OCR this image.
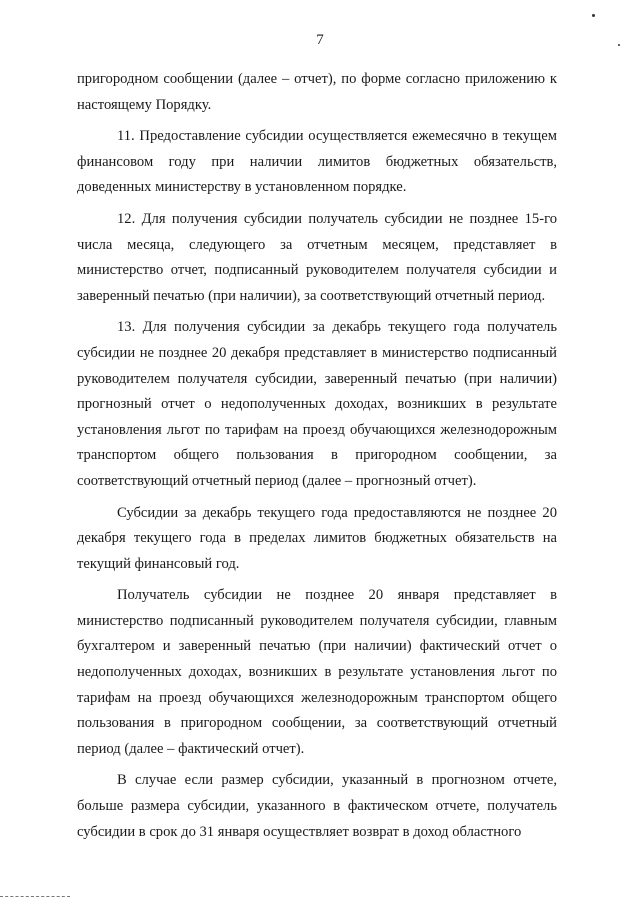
7

пригородном сообщении (далее – отчет), по форме согласно приложению к настоящему Порядку.

11. Предоставление субсидии осуществляется ежемесячно в текущем финансовом году при наличии лимитов бюджетных обязательств, доведенных министерству в установленном порядке.

12. Для получения субсидии получатель субсидии не позднее 15-го числа месяца, следующего за отчетным месяцем, представляет в министерство отчет, подписанный руководителем получателя субсидии и заверенный печатью (при наличии), за соответствующий отчетный период.

13. Для получения субсидии за декабрь текущего года получатель субсидии не позднее 20 декабря представляет в министерство подписанный руководителем получателя субсидии, заверенный печатью (при наличии) прогнозный отчет о недополученных доходах, возникших в результате установления льгот по тарифам на проезд обучающихся железнодорожным транспортом общего пользования в пригородном сообщении, за соответствующий отчетный период (далее – прогнозный отчет).

Субсидии за декабрь текущего года предоставляются не позднее 20 декабря текущего года в пределах лимитов бюджетных обязательств на текущий финансовый год.

Получатель субсидии не позднее 20 января представляет в министерство подписанный руководителем получателя субсидии, главным бухгалтером и заверенный печатью (при наличии) фактический отчет о недополученных доходах, возникших в результате установления льгот по тарифам на проезд обучающихся железнодорожным транспортом общего пользования в пригородном сообщении, за соответствующий отчетный период (далее – фактический отчет).

В случае если размер субсидии, указанный в прогнозном отчете, больше размера субсидии, указанного в фактическом отчете, получатель субсидии в срок до 31 января осуществляет возврат в доход областного
